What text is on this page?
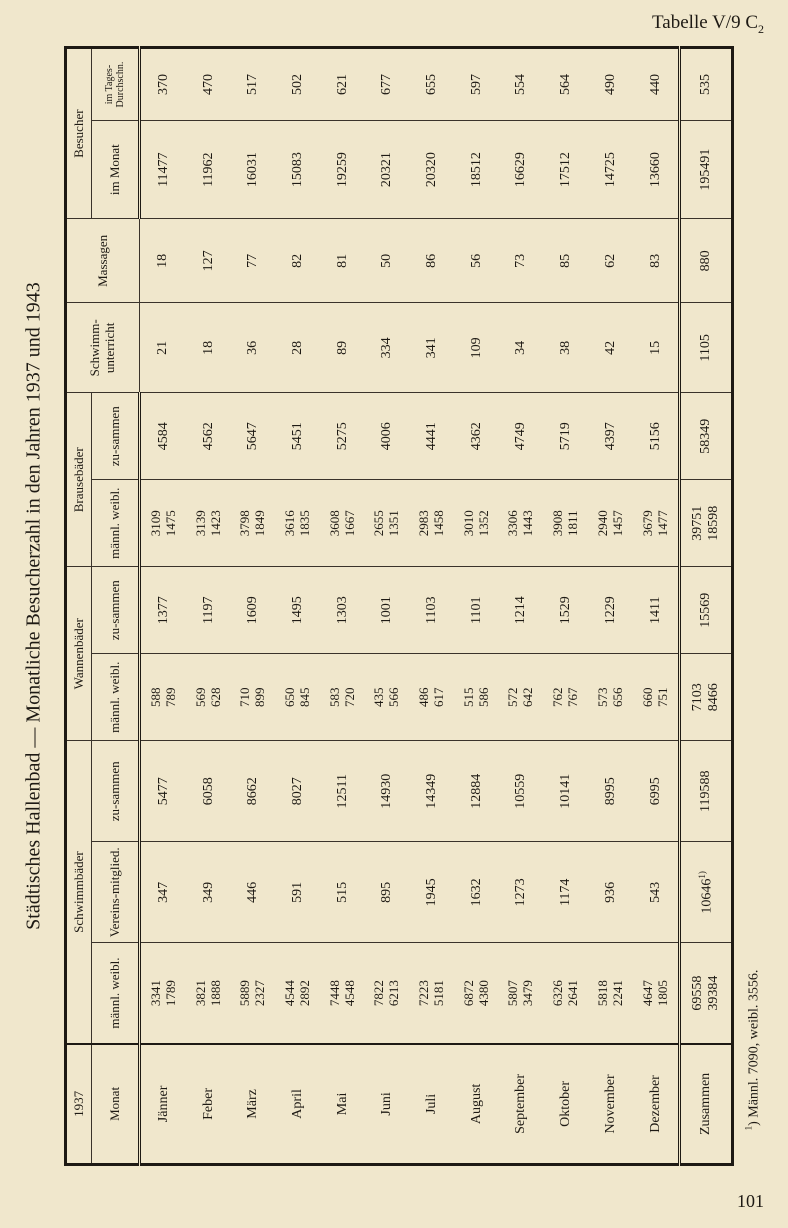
Tabelle V/9 $C_2$
Städtisches Hallenbad — Monatliche Besucherzahl in den Jahren 1937 und 1943
1937	Schwimmbäder			Wannenbäder		Brausebäder		Schwimm-unterricht	Massagen	Besucher	
Monat	männl. weibl.	Vereins-mitglied.	zu-sammen	männl. weibl.	zu-sammen	männl. weibl.	zu-sammen			im Monat	im Tages-Durchschn.
Jänner	3341 1789	347	5477	588 789	1377	3109 1475	4584	21	18	11477	370
Feber	3821 1888	349	6058	569 628	1197	3139 1423	4562	18	127	11962	470
März	5889 2327	446	8662	710 899	1609	3798 1849	5647	36	77	16031	517
April	4544 2892	591	8027	650 845	1495	3616 1835	5451	28	82	15083	502
Mai	7448 4548	515	12511	583 720	1303	3608 1667	5275	89	81	19259	621
Juni	7822 6213	895	14930	435 566	1001	2655 1351	4006	334	50	20321	677
Juli	7223 5181	1945	14349	486 617	1103	2983 1458	4441	341	86	20320	655
August	6872 4380	1632	12884	515 586	1101	3010 1352	4362	109	56	18512	597
September	5807 3479	1273	10559	572 642	1214	3306 1443	4749	34	73	16629	554
Oktober	6326 2641	1174	10141	762 767	1529	3908 1811	5719	38	85	17512	564
November	5818 2241	936	8995	573 656	1229	2940 1457	4397	42	62	14725	490
Dezember	4647 1805	543	6995	660 751	1411	3679 1477	5156	15	83	13660	440
Zusammen	69558 39384	10646$^{1)}$	119588	7103 8466	15569	39751 18598	58349	1105	880	195491	535
$^1$) Männl. 7090, weibl. 3556.
101
